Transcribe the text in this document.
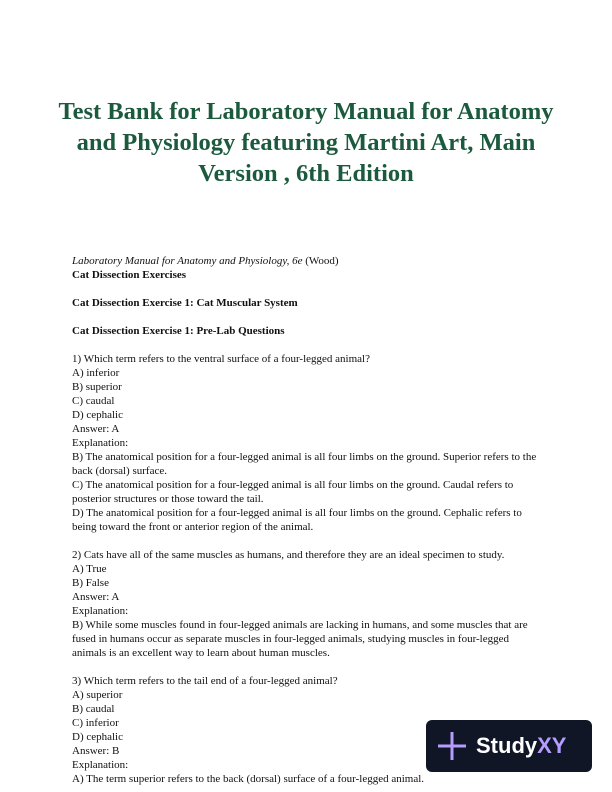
Test Bank for Laboratory Manual for Anatomy and Physiology featuring Martini Art, Main Version , 6th Edition
Laboratory Manual for Anatomy and Physiology, 6e (Wood)
Cat Dissection Exercises
Cat Dissection Exercise 1: Cat Muscular System
Cat Dissection Exercise 1: Pre-Lab Questions
1) Which term refers to the ventral surface of a four-legged animal?
A) inferior
B) superior
C) caudal
D) cephalic
Answer: A
Explanation:
B) The anatomical position for a four-legged animal is all four limbs on the ground. Superior refers to the back (dorsal) surface.
C) The anatomical position for a four-legged animal is all four limbs on the ground. Caudal refers to posterior structures or those toward the tail.
D) The anatomical position for a four-legged animal is all four limbs on the ground. Cephalic refers to being toward the front or anterior region of the animal.
2) Cats have all of the same muscles as humans, and therefore they are an ideal specimen to study.
A) True
B) False
Answer: A
Explanation:
B) While some muscles found in four-legged animals are lacking in humans, and some muscles that are fused in humans occur as separate muscles in four-legged animals, studying muscles in four-legged animals is an excellent way to learn about human muscles.
3) Which term refers to the tail end of a four-legged animal?
A) superior
B) caudal
C) inferior
D) cephalic
Answer: B
Explanation:
A) The term superior refers to the back (dorsal) surface of a four-legged animal.
StudyXY
